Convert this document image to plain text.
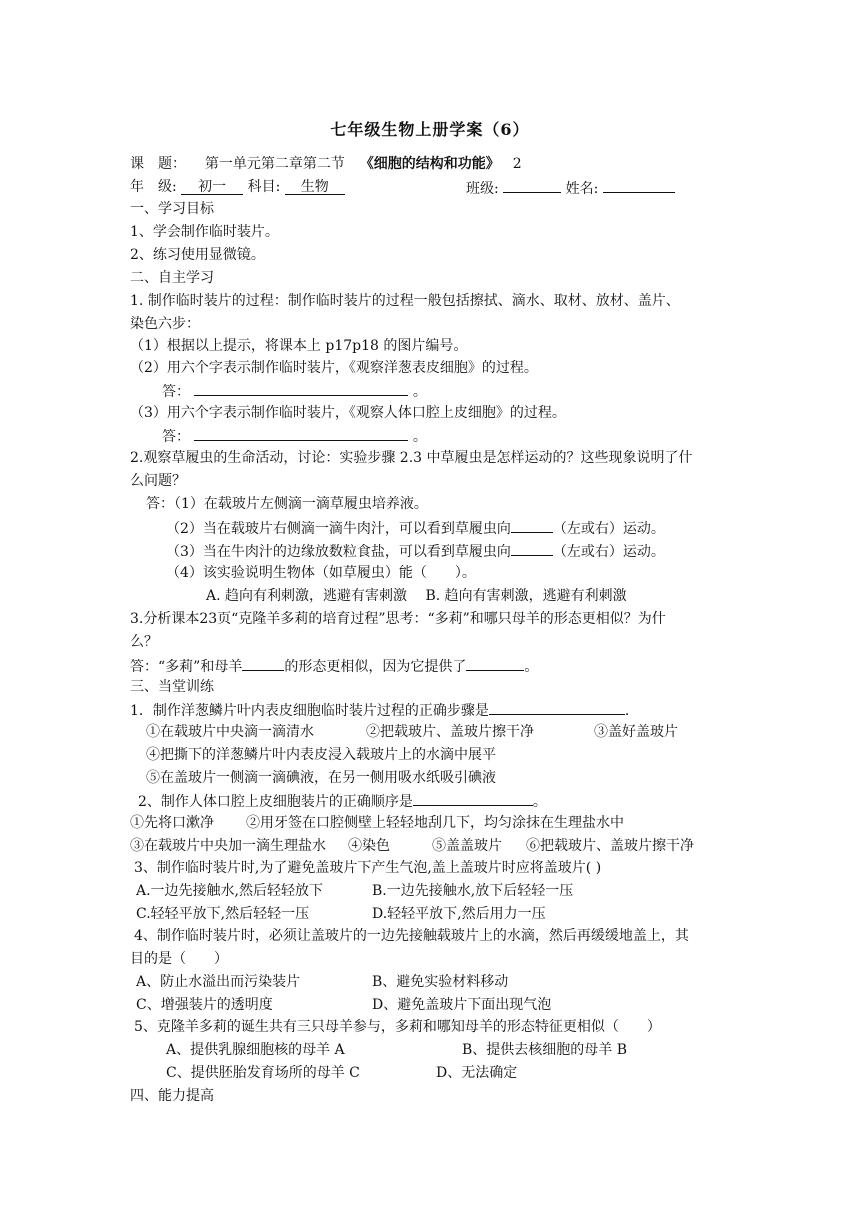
七年级生物上册学案（6）
课　题： 第一单元第二章第二节 《细胞的结构和功能》 2
年　级: 初一 科目: 生物	班级:	姓名:
一、学习目标
1、学会制作临时装片。
2、练习使用显微镜。
二、自主学习
1. 制作临时装片的过程：制作临时装片的过程一般包括擦拭、滴水、取材、放材、盖片、
染色六步：
（1）根据以上提示，将课本上 p17p18 的图片编号。
（2）用六个字表示制作临时装片，《观察洋葱表皮细胞》的过程。
答：	。
（3）用六个字表示制作临时装片，《观察人体口腔上皮细胞》的过程。
答：	。
2.观察草履虫的生命活动，讨论：实验步骤 2.3 中草履虫是怎样运动的？这些现象说明了什
么问题？
答：（1）在载玻片左侧滴一滴草履虫培养液。
（2）当在载玻片右侧滴一滴牛肉汁，可以看到草履虫向	（左或右）运动。
（3）当在牛肉汁的边缘放数粒食盐，可以看到草履虫向	（左或右）运动。
（4）该实验说明生物体（如草履虫）能（　　）。
A. 趋向有利刺激，逃避有害刺激　 B. 趋向有害刺激，逃避有利刺激
3.分析课本23页“克隆羊多莉的培育过程”思考：“多莉”和哪只母羊的形态更相似？为什
么？
答：“多莉”和母羊	的形态更相似，因为它提供了	。
三、当堂训练
1．制作洋葱鳞片叶内表皮细胞临时装片过程的正确步骤是	.
①在载玻片中央滴一滴清水	②把载玻片、盖玻片擦干净	③盖好盖玻片
④把撕下的洋葱鳞片叶内表皮浸入载玻片上的水滴中展平
⑤在盖玻片一侧滴一滴碘液，在另一侧用吸水纸吸引碘液
2、制作人体口腔上皮细胞装片的正确顺序是	。
①先将口漱净 ②用牙签在口腔侧壁上轻轻地刮几下，均匀涂抹在生理盐水中
③在载玻片中央加一滴生理盐水 ④染色	⑤盖盖玻片 ⑥把载玻片、盖玻片擦干净
3、制作临时装片时,为了避免盖玻片下产生气泡,盖上盖玻片时应将盖玻片( )
A.一边先接触水,然后轻轻放下	B.一边先接触水,放下后轻轻一压
C.轻轻平放下,然后轻轻一压	D.轻轻平放下,然后用力一压
4、制作临时装片时，必须让盖玻片的一边先接触载玻片上的水滴，然后再缓缓地盖上，其
目的是（　　）
A、防止水溢出而污染装片	B、避免实验材料移动
C、增强装片的透明度	D、避免盖玻片下面出现气泡
5、克隆羊多莉的诞生共有三只母羊参与，多莉和哪知母羊的形态特征更相似（　　）
A、提供乳腺细胞核的母羊 A	B、提供去核细胞的母羊 B
C、提供胚胎发育场所的母羊 C	D、无法确定
四、能力提高
